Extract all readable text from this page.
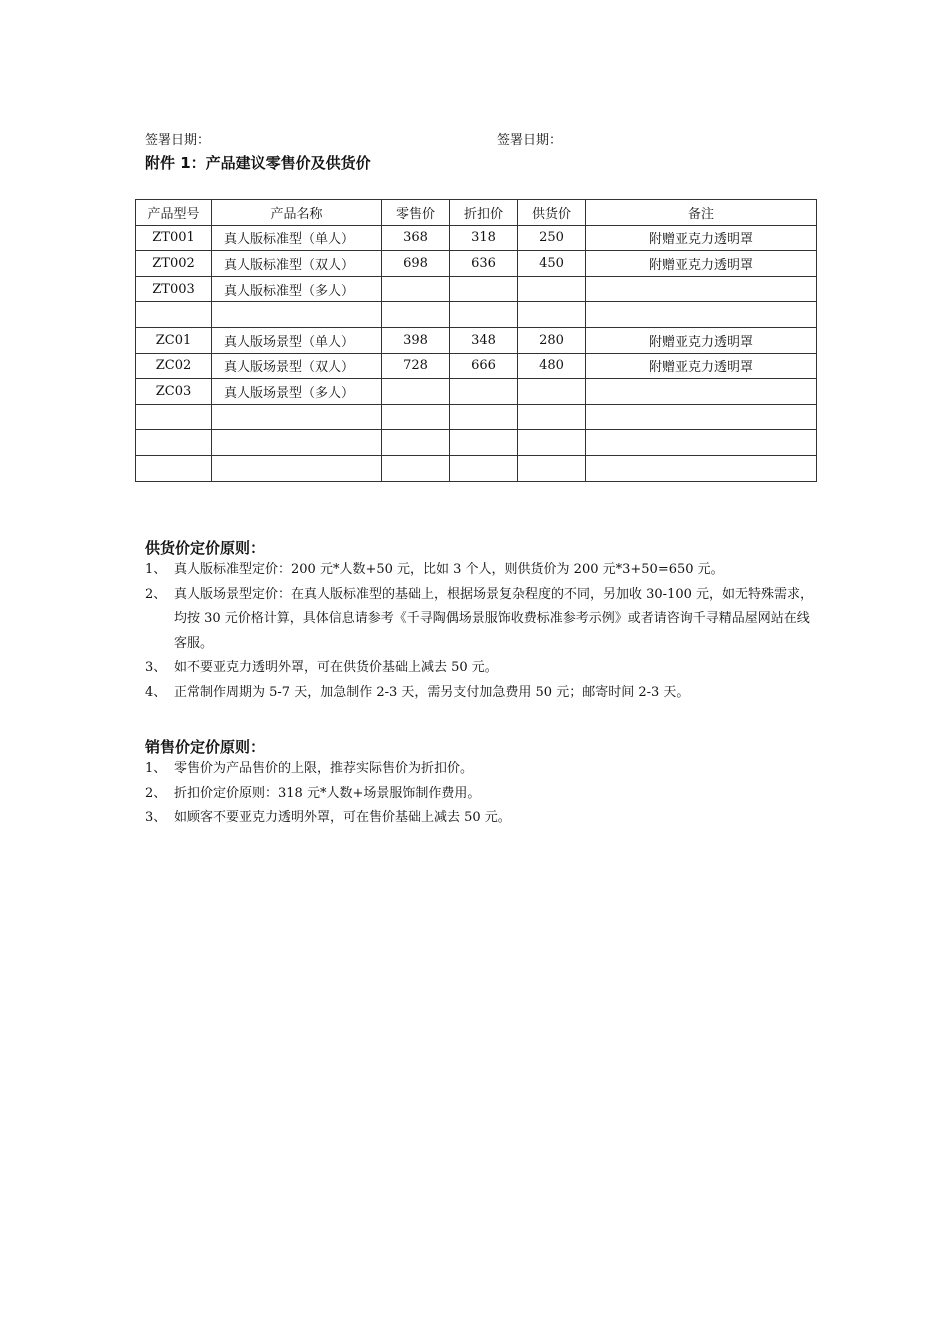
签署日期：	签署日期：
附件 1：产品建议零售价及供货价
产品型号	产品名称	零售价	折扣价	供货价	备注
ZT001	真人版标准型（单人）	368	318	250	附赠亚克力透明罩
ZT002	真人版标准型（双人）	698	636	450	附赠亚克力透明罩
ZT003	真人版标准型（多人）				

ZC01	真人版场景型（单人）	398	348	280	附赠亚克力透明罩
ZC02	真人版场景型（双人）	728	666	480	附赠亚克力透明罩
ZC03	真人版场景型（多人）				

供货价定价原则：
1、 真人版标准型定价：200 元*人数+50 元，比如 3 个人，则供货价为 200 元*3+50=650 元。
2、 真人版场景型定价：在真人版标准型的基础上，根据场景复杂程度的不同，另加收 30-100 元，如无特殊需求，均按 30 元价格计算，具体信息请参考《千寻陶偶场景服饰收费标准参考示例》或者请咨询千寻精品屋网站在线客服。
3、 如不要亚克力透明外罩，可在供货价基础上减去 50 元。
4、 正常制作周期为 5-7 天，加急制作 2-3 天，需另支付加急费用 50 元；邮寄时间 2-3 天。
销售价定价原则：
1、 零售价为产品售价的上限，推荐实际售价为折扣价。
2、 折扣价定价原则：318 元*人数+场景服饰制作费用。
3、 如顾客不要亚克力透明外罩，可在售价基础上减去 50 元。
